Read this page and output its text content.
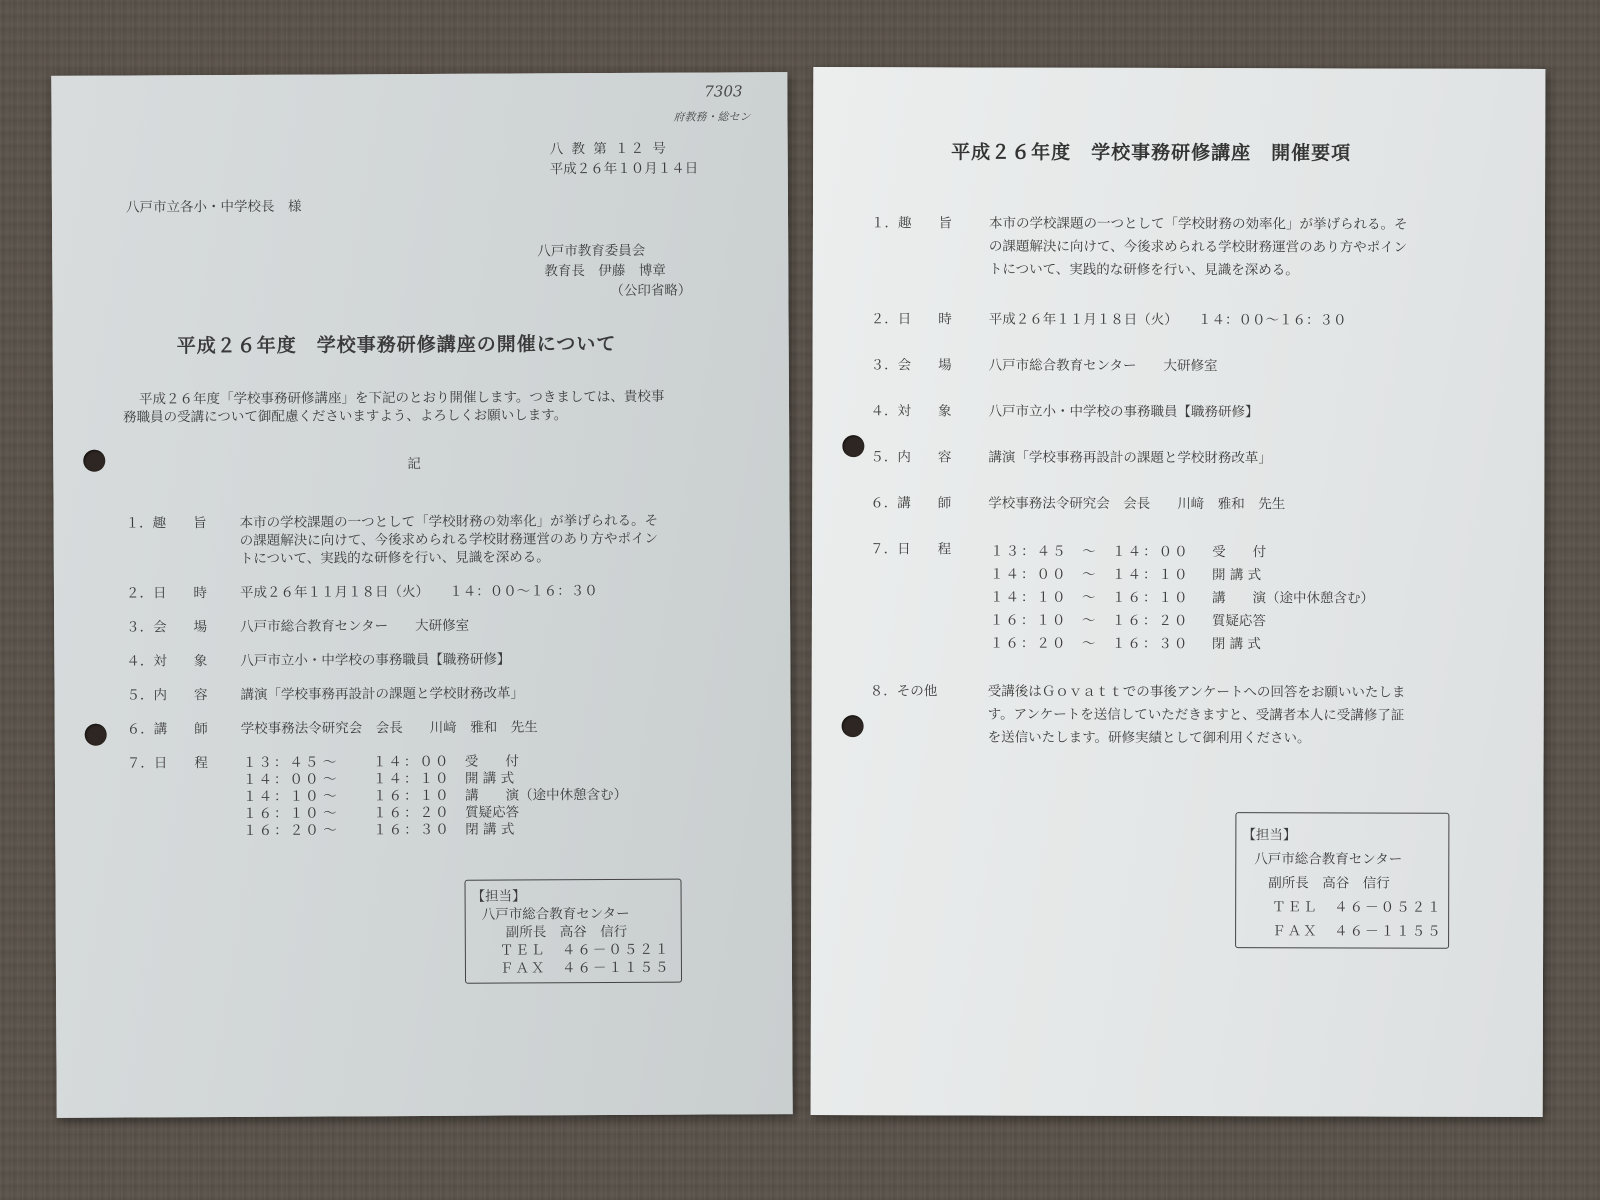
7303
府教務・総セン
八 教 第 １２ 号
平成２６年１０月１４日
八戸市立各小・中学校長　様
八戸市教育委員会
教育長　伊藤　博章
（公印省略）
平成２６年度　学校事務研修講座の開催について
平成２６年度「学校事務研修講座」を下記のとおり開催します。つきましては、貴校事
務職員の受講について御配慮くださいますよう、よろしくお願いします。
記
１．趣　　旨 本市の学校課題の一つとして「学校財務の効率化」が挙げられる。そ
の課題解決に向けて、今後求められる学校財務運営のあり方やポイン
トについて、実践的な研修を行い、見識を深める。
２．日　　時 平成２６年１１月１８日（火）　　１４：００～１６：３０
３．会　　場 八戸市総合教育センター　　大研修室
４．対　　象 八戸市立小・中学校の事務職員【職務研修】
５．内　　容 講演「学校事務再設計の課題と学校財務改革」
６．講　　師 学校事務法令研究会　会長　　川﨑　雅和　先生
７．日　　程	１３：４５ ～	１４：００ 受　　付
１４：００ ～	１４：１０ 開 講 式
１４：１０ ～	１６：１０ 講　　演（途中休憩含む）
１６：１０ ～	１６：２０ 質疑応答
１６：２０ ～	１６：３０ 閉 講 式
【担当】
八戸市総合教育センター
副所長　高谷　信行
ＴＥＬ　４６－０５２１
ＦＡＸ　４６－１１５５
平成２６年度　学校事務研修講座　開催要項
１．趣　　旨	本市の学校課題の一つとして「学校財務の効率化」が挙げられる。そ
の課題解決に向けて、今後求められる学校財務運営のあり方やポイン
トについて、実践的な研修を行い、見識を深める。
２．日　　時	平成２６年１１月１８日（火）　　１４：００～１６：３０
３．会　　場	八戸市総合教育センター　　大研修室
４．対　　象	八戸市立小・中学校の事務職員【職務研修】
５．内　　容	講演「学校事務再設計の課題と学校財務改革」
６．講　　師	学校事務法令研究会　会長　　川﨑　雅和　先生
７．日　　程
８．その他	受講後はＧｏｖａｔｔでの事後アンケートへの回答をお願いいたしま
す。アンケートを送信していただきますと、受講者本人に受講修了証
を送信いたします。研修実績として御利用ください。
１３：４５ ～ １４：００ 受　　付
１４：００ ～ １４：１０ 開 講 式
１４：１０ ～ １６：１０ 講　　演（途中休憩含む）
１６：１０ ～ １６：２０ 質疑応答
１６：２０ ～ １６：３０ 閉 講 式
【担当】
八戸市総合教育センター
副所長　高谷　信行
ＴＥＬ　４６－０５２１
ＦＡＸ　４６－１１５５
